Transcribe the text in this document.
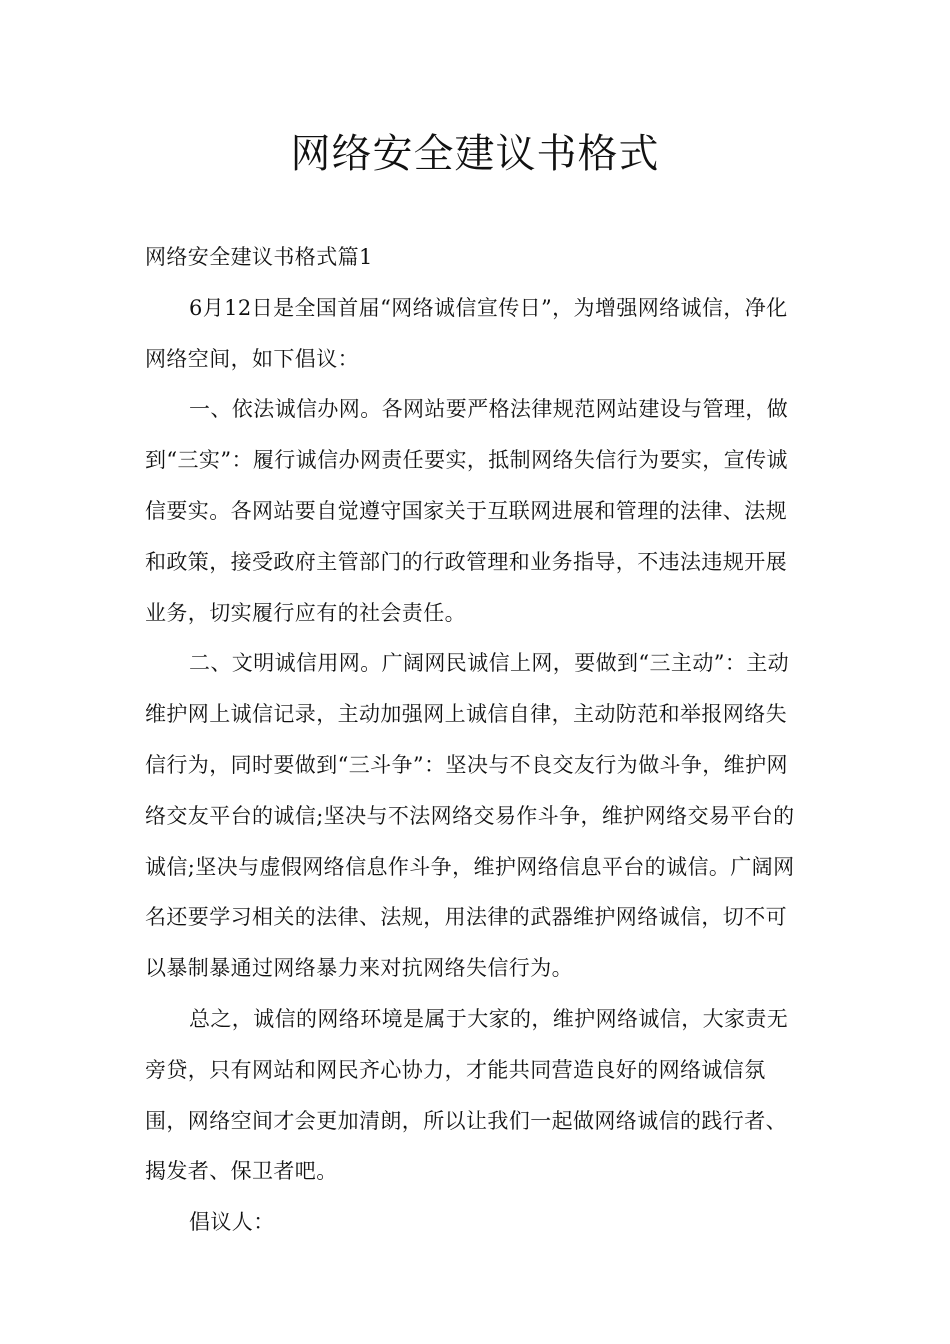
网络安全建议书格式

网络安全建议书格式篇1

6月12日是全国首届“网络诚信宣传日”，为增强网络诚信，净化网络空间，如下倡议：

一、依法诚信办网。各网站要严格法律规范网站建设与管理，做到“三实”：履行诚信办网责任要实，抵制网络失信行为要实，宣传诚信要实。各网站要自觉遵守国家关于互联网进展和管理的法律、法规和政策，接受政府主管部门的行政管理和业务指导，不违法违规开展业务，切实履行应有的社会责任。

二、文明诚信用网。广阔网民诚信上网，要做到“三主动”：主动维护网上诚信记录，主动加强网上诚信自律，主动防范和举报网络失信行为，同时要做到“三斗争”：坚决与不良交友行为做斗争，维护网络交友平台的诚信;坚决与不法网络交易作斗争，维护网络交易平台的诚信;坚决与虚假网络信息作斗争，维护网络信息平台的诚信。广阔网名还要学习相关的法律、法规，用法律的武器维护网络诚信，切不可以暴制暴通过网络暴力来对抗网络失信行为。

总之，诚信的网络环境是属于大家的，维护网络诚信，大家责无旁贷，只有网站和网民齐心协力，才能共同营造良好的网络诚信氛围，网络空间才会更加清朗，所以让我们一起做网络诚信的践行者、揭发者、保卫者吧。

倡议人：
